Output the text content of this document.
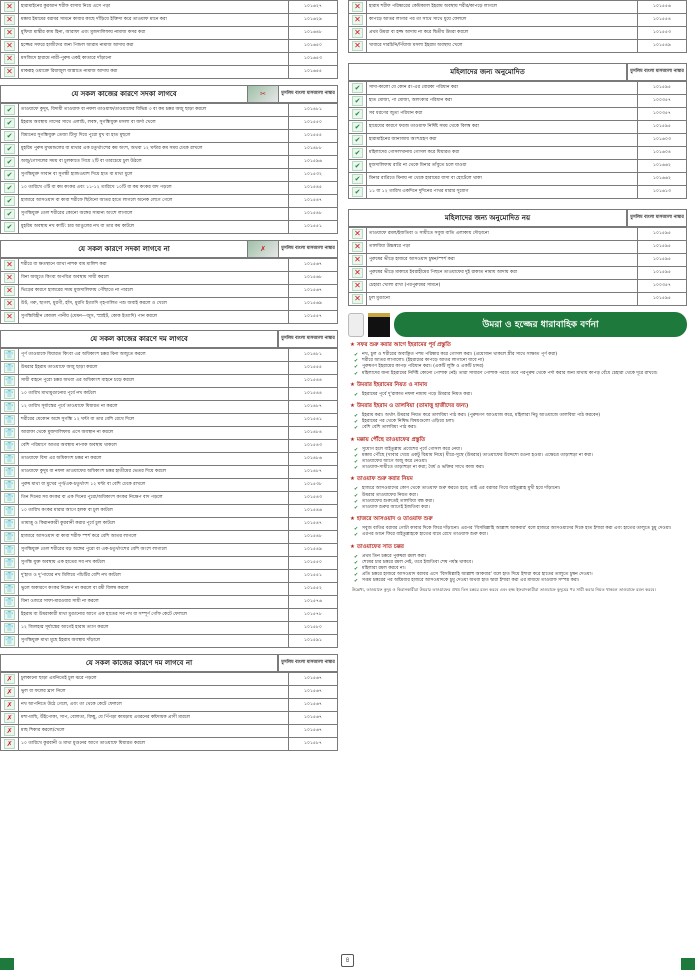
✕	হারামাইনের কুরআন শরীফ বাসায় নিয়ে এসে পড়া	১০১৬২৭

✕	মক্কায় ইমামের বরাবর সামনে কাবার কাছে দাঁড়িয়ে ইক্তিদা করে তাওয়াফ মানে করা	১০১৬২৯

✕	মুফিয়া মাস্কীর কাম হিনা, আরাফা এবং মুজদালিফায় নামাজ কসর করা	১০১৬৪৮

✕	হজ্জের সফরে হাজীদের জন্য পিন্ডল আরাম নামাজ আদায় করা	১০১৬৫০

✕	মসজিদে হারামে নারী-পুরুষ একই কাতারে দাঁড়ানো	১০১৬৫৩

✕	মাকরূহ ওয়াক্তে রিয়াজুল জান্নাতে নামাজ আদায় করা	১০১৬৫৫
যে সকল কাজের কারণে সদকা লাগবে	✂	মুসলিম বাংলা মাসআলা নাম্বার
✔	তাওয়াফে কুদুম, বিদায়ী তাওয়াফ বা নফল তাওয়াফ/তাওয়াফের বিভিন্ন ৩ বা কম চক্কর অজু ছাড়া করলে	১০১৪৮১

✔	ইহরাম অবস্থায় গাসের সাথে এলাচি, লবঙ্গ, সুগন্ধিযুক্ত মসলা বা জর্দা খেলে	১০১৫৫০

✔	বিমানের সুগন্ধিযুক্ত তেজা টিস্যু দিয়ে পুরো মুখ বা হাত মুছলে	১০১৫৫৫

✔	মুহরিম পুরুষ মুখমন্ডলের বা মাথার এক চতুর্থাংশের কম অংশ, অথবা ১২ ঘন্টার কম সময় ঢেকে রাখলে	১০১৪৮৮

✔	অজু/গোসলের সময় বা চুলকাতে গিয়ে ২টি বা তারচেয়ে চুল উঠলে	১০১৫৯৬

✔	সুগন্ধিযুক্ত সাবান বা সুগন্ধী হ্যান্ডওয়াশ দিয়ে হাত বা মাথা ধুলে	১০১৫৩২

✔	১০ তারিখে ৩টি বা কম কংকর এবং ১১-১২ তারিখে ১০টি বা কম কংকর বাদ পড়লে	১০১৫৪৫

✔	হাজারে আসওয়াদ বা কাবা শরীফে ছিটানো আতর হাতে লাগলে অনেক লেগে গেলে	১০১৫৪৭

✔	সুগন্ধিযুক্ত তেল শরীরের কোনো অঙ্গের সামান্য অংশে লাগালে	১০১৫৪৮

✔	মুহরিম অবস্থায় নখ কাটি: চার আঙুলের নখ বা তার কম কাটলে	১০১৫৫১
যে সকল কারণে সদকা লাগবে না	✗	মুসলিম বাংলা মাসআলা নাম্বার
✕	শরীরে বা ক্ষতস্থানে ব্যাথা নাশক বাম মালিশ করা	১০১৫৬৭

✕	বিনা অজুতে কিংবা অপবিত্র অবস্থায় সায়ী করলে	১০১৫৬৮

✕	ভিড়ের কারণে হাজরের সময় মুজদালিফায় পৌঁছাতে না পারলে	১০১৫৬৭

✕	উট, গরু, ছাগল, মুরগী, হাঁস, মুরগি ইত্যাদি গৃহপালিত পশু জবাই করলে ও খেলে	১০১৫৬৯

✕	সুগন্ধিবিহীন কোমল পানীয় (যেমন—জুস, স্প্রাইট, কোক ইত্যাদি) পান করলে	১০১৫৫৭
যে সকল কাজের কারণে দম লাগবে	মুসলিম বাংলা মাসআলা নাম্বার
👕	পূর্ণ তাওয়াফে যিয়ারত কিংবা এর অধিকাংশ চক্কর বিনা অজুতে করলে	১০১৪৮১

👕	উমরার ইহরাম তাওয়াফে অজু ছাড়া করলে	১০১৫৫৫

👕	সায়ী বাহনে পুরো চক্কর অথবা এর অধিকাংশ বাহনে চড়ে করলে	১০১৫৪৪

👕	১০ তারিখ মাথামুণ্ডানোর পূর্বে নখ কাটলে	১০১৫৪৪

👕	১২ তারিখ সূর্যাস্তের পূর্বে তাওয়াফে যিয়ারত না করলে	১০১৪৮৭

👕	শরীরের যেকোন অঙ্গে সুগন্ধি ১২ ঘন্টা বা তার বেশি রেখে দিলে	১০১৫৪১

👕	আরাফা থেকে মুজদালিফায় এসে অবস্থান না করলে	১০১৪৮৪

👕	বেশি পরিমাণে আতর অবস্থায় নাপাক অবস্থায় থাকলে	১০১৫৪৩

👕	তাওয়াফে বিদা এর অধিকাংশ চক্কর না করলে	১০১৪৮৬

👕	তাওয়াফে কুদুম বা নফল তাওয়াফের অধিকাংশ চক্কর হাতীমের ভেতর দিয়ে করলে	১০১৪৮৭

👕	পুরুষ মাথা বা মুখের পূর্ণ/এক-চতুর্থাংশ ১২ ঘন্টা বা বেশি ঢেকে রাখলে	১০১৫৩৮

👕	তিন দিনের সব কংকর বা এক দিনের পুরো/অধিকাংশ কংকর নিক্ষেপ বাদ পড়লে	১০১৫৪৩

👕	১০ তারিখ কংকর মারার আগে হলক বা চুল কাটলে	১০১৫৪৬

👕	তামাত্তু ও কিরানকারী কুরবানী করার পূর্বে চুল কাটলে	১০১৫৪৭

👕	হাজারে আসওয়াদ বা কাবা শরীফ স্পর্শ করে বেশি আতর লাগলে	১০১৫৪৮

👕	সুগন্ধিযুক্ত তেল শরীরের বড় অঙ্গের পুরো বা এক-চতুর্থাংশের বেশি অংশে লাগালে	১০১৫৪৯

👕	সুগন্ধি যুক্ত অবস্থায় এক হাতের সব নখ কাটলে	১০১৫৫০

👕	দু'হাত ও দু'পায়ের নখ মিলিয়ে পাঁচটির বেশি নখ কাটলে	১০১৫৫১

👕	ভুলে অকারণে কংকর নিক্ষেপ না করলে বা রমী বিলম্ব করলে	১০১৫৫২

👕	বিনা ওজরে সাফা-মারওয়ার সায়ী না করলে	১০১৫৭৬

👕	ইহরাম বা উমরাকারী মাথা মুণ্ডানোর আগে এক হাতের সব নখ বা সম্পূর্ণ গোঁফ কেটে ফেললে	১০১৫৭৮

👕	১২ জিলহজ্ব সূর্যাস্তের আগেই হারাম ত্যাগ করলে	১০১৫৮০

👕	সুগন্ধিযুক্ত মাথা মুছে ইহরাম অবস্থায় দাঁড়ালে	১০১৫৯১
যে সকল কাজের কারণে দম লাগবে না	মুসলিম বাংলা মাসআলা নাম্বার
✗	চুলকানো ছাড়া এমনিতেই চুল ঝরে পড়লে	১০১৫৬৭

✗	ভুল বা ফলের ঘ্রাণ নিলে	১০১৫৬৭

✗	নখ আপনিতে উঠে গেলে, এবং তা থেকে কেটে ফেললে	১০১৫৬৭

✗	মশা-মাছি, উঁইপোকা, সাপ, বোলতা, বিচ্ছু, যে পিঁপড়া কামড়ায় এধরনের কষ্টদায়ক প্রাণী মারলে	১০১৫৬৭

✗	মাছ শিকার করলে/খেলে	১০১৫৬৭

✗	১০ তারিখে কুরবানী ও মাথা মুণ্ডনের আগে তাওয়াফে যিয়ারত করলে	১০১৫৮৭
✕	হারাম শরীফ পরিষ্কারের কেমিক্যাল ইহরাম অবস্থায় শরীর/কাপড়ে লাগলে	১০১৫৫৬

✕	কাপড়ে আতর লাগার পর তা সাথে সাথে ধুয়ে ফেললে	১০১৫৫৪

✕	প্রথম উমরা বা হজ্জ আদায় না করে দ্বিতীয় উমরা করলে	১০১৫৫৩

✕	খাবারে দারচিনি/পিঁয়াজ মসলা ইহরাম অবস্থায় খেলে	১০১৫৪৯
মহিলাদের জন্য অনুমোদিত	মুসলিম বাংলা মাসআলা নাম্বার
✔	সাদা-কালো যে কোন রং-এর বোরকা পরিধান করা	১০১৫৯৫

✔	হাত মোজা, পা মোজা, অলংকার পরিধান করা	১০০৩৫৭

✔	সব ধরণের জুতা পরিধান করা	১০০৩৫৭

✔	হায়েযের কারণে ফরজ তাওয়াফ নির্দিষ্ট সময় থেকে বিলম্ব করা	১০১৫৯৫

✔	হারামাইনের জানাজায় অংশগ্রহণ করা	১০১৬০৩

✔	মহিলাদের গোসলখানায় গোসল করে যিয়ারত করা	১০১৬০৪

✔	মুজদালিফায় রাত্রি না থেকে মিনার তাঁবুতে চলে যাওয়া	১০১৬৬২

✔	মিনার রাত্রিতে মিনায় না থেকে হারামের বাসা বা হোটেলে থাকা	১০১৬৬২

✔	১১ বা ১২ তারিখ একদিনে দুদিনের পাথর মারার সুযোগ	১০১৬১৩
মহিলাদের জন্য অনুমোদিত নয়	মুসলিম বাংলা মাসআলা নাম্বার
✕	তাওয়াফে রমল/ইজতিবা ও সায়ীতে সবুজ বাতি এলাকায় দৌড়ানো	১০১৫৯৫

✕	তালবিয়া উচ্চস্বরে পড়া	১০১৫৯৫

✕	পুরুষের ভীড়ে হাজরে আসওয়াদ চুম্বন/স্পর্শ করা	১০১৫৯৫

✕	পুরুষের ভীড়ে মাকামে ইবরাহীমের পিছনে তাওয়াফের দুই রাকাত নামায আদায় করা	১০১৫৯৫

✕	চেহারা খোলা রাখা (পরপুরুষের সামনে)	১০০৩৫৭

✕	চুল মুণ্ডানো	১০১৫৯৫
উমরা ও হজ্জের ধারাবাহিক বর্ণনা
★ সফর শুরু করার আগে ইহরামের পূর্ব প্রস্তুতি
✔ নখ, চুল ও শরীরের অবাঞ্ছিত পশম পরিষ্কার করে গোসল করা। (প্রয়োজন থাকলে স্ত্রীর সাথে সাক্ষাত পূর্ণ করা)
✔ শরীরে আতর লাগালো। (ইহরামের কাপড়ে আতর লাগানো যাবে না)
✔ পুরুষগণ ইহরামের কাপড় পরিধান করা। (একটি লুঙ্গি ও একটি চাদর)
✔ মহিলাদের জন্য ইহরামের নির্দিষ্ট কোনো পোশাক নেই। তারা সাধারণ পোশাক পরবে তবে পরপুরুষ থেকে পর্দা করার জন্য মাথায় কাপড় বেঁধে চেহারা থেকে দূরে রাখবে।
★ উমরার ইহরামের নিয়ত ও নামায
✔ ইহরামের পূর্বে দু'রাকাত নফল নামায পড়ে উমরার নিয়ত করা।
★ উমরার ইহরাম ও তালবিয়া (তামাত্তু হাজীদের জন্য)
✔ ইহরাম করা। অর্থাৎ উমরার নিয়ত করে তালবিয়া পাঠ করা। (পুরুষগণ আওয়াজ করে, মহিলারা নিচু আওয়াজে তালবিয়া পাঠ করবেন)
✔ ইহরামের পর থেকে নিষিদ্ধ বিষয়গুলো এড়িয়ে চলা।
✔ বেশি বেশি তালবিয়া পাঠ করা।
★ মক্কায় পৌঁছে তাওয়াফের প্রস্তুতি
✔ সুযোগ হলে বাইতুল্লায় প্রবেশের পূর্বে গোসল করে নেয়া।
✔ মক্কায় পৌঁছে (খাবার খেয়ে একটু বিশ্রাম নিয়ে) ধীরে-সুস্থে (উমরার) তাওয়াফের উদ্দেশ্যে রওনা হওয়া। এক্ষেত্রে তাড়াহুড়া না করা।
✔ তাওয়াফের আগে অজু করে নেওয়া।
✔ তাওয়াফ-সায়ীতে তাড়াহুড়া না করা; ধৈর্য ও ভক্তির সাথে কাজ করা।
★ তাওয়াফ শুরু করার নিয়ম
✔ হাজরে আসওয়াদের কোণ থেকে তাওয়াফ শুরু করতে হবে; তাই এর বরাবর গিয়ে বাইতুল্লাহ মুখী হয়ে দাঁড়ানো।
✔ উমরার তাওয়াফের নিয়ত করা।
✔ তাওয়াফের শুরুতেই তালবিয়া বন্ধ করা।
✔ তাওয়াফ শুরুর আগেই ইজতিবা করা।
★ হাজরে আসওয়াদ ও তাওয়াফ শুরু
✔ সবুজ বাতির বরাবর গোটা কাবার দিকে ফিরে দাঁড়ানো। এরপর 'বিসমিল্লাহি আল্লাহু আকবার' বলে হাজরে আসওয়াদের দিকে হাত ইশারা করা এবং হাতের তালুতে চুমু দেওয়া।
✔ এরপর ডানে ফিরে বাইতুল্লাহকে হাতের বামে রেখে তাওয়াফ শুরু করা।
★ তাওয়াফের সাত চক্কর
✔ প্রথম তিন চক্করে পুরুষরা রমল করা।
✔ শেষের চার চক্করে রমল নেই, তবে ইজতিবা শেষ পর্যন্ত থাকবে।
✔ মহিলারা রমল করবে না।
✔ প্রতি চক্করে হাজরে আসওয়াদ বরাবর এসে 'বিসমিল্লাহি আল্লাহু আকবার' বলে হাত দিয়ে ইশারা করে হাতের তালুতে চুম্বন দেওয়া।
✔ সপ্তম চক্করের পর অষ্টমবার হাজরে আসওয়াদকে চুমু দেওয়া অথবা হাত দ্বারা ইশারা করা এর মাধ্যমে তাওয়াফ সম্পন্ন করা।
উল্লেখ্য, তাওয়াফে কুদুম ও কিরানকারীরা উমরার তাওয়াফের প্রথম তিন চক্করে রমল করবে এবং হজ্জ ইফরাদকারীরা তাওয়াফে কুদুমের পর সায়ী করার নিয়ত থাকলে তাওয়াফে রমল করবে।
৪
